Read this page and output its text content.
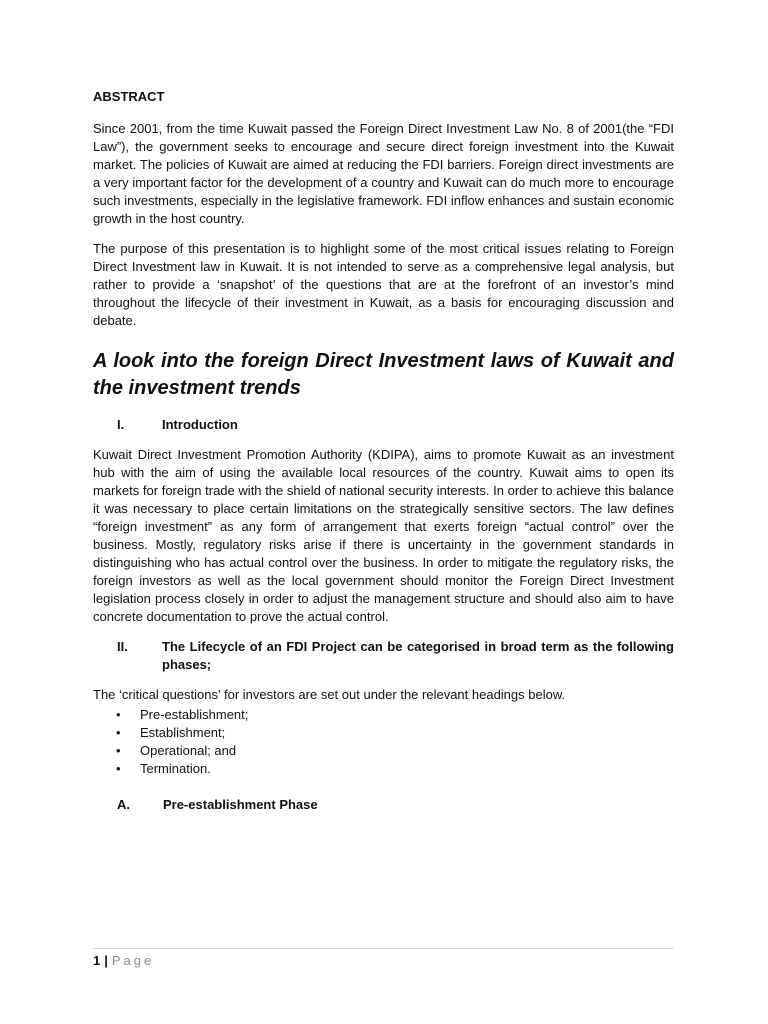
ABSTRACT

Since 2001, from the time Kuwait passed the Foreign Direct Investment Law No. 8 of 2001(the “FDI Law”), the government seeks to encourage and secure direct foreign investment into the Kuwait market. The policies of Kuwait are aimed at reducing the FDI barriers. Foreign direct investments are a very important factor for the development of a country and Kuwait can do much more to encourage such investments, especially in the legislative framework. FDI inflow enhances and sustain economic growth in the host country.

The purpose of this presentation is to highlight some of the most critical issues relating to Foreign Direct Investment law in Kuwait. It is not intended to serve as a comprehensive legal analysis, but rather to provide a ‘snapshot’ of the questions that are at the forefront of an investor’s mind throughout the lifecycle of their investment in Kuwait, as a basis for encouraging discussion and debate.

A look into the foreign Direct Investment laws of Kuwait and the investment trends
I.	Introduction

Kuwait Direct Investment Promotion Authority (KDIPA), aims to promote Kuwait as an investment hub with the aim of using the available local resources of the country. Kuwait aims to open its markets for foreign trade with the shield of national security interests. In order to achieve this balance it was necessary to place certain limitations on the strategically sensitive sectors. The law defines “foreign investment” as any form of arrangement that exerts foreign “actual control” over the business. Mostly, regulatory risks arise if there is uncertainty in the government standards in distinguishing who has actual control over the business. In order to mitigate the regulatory risks, the foreign investors as well as the local government should monitor the Foreign Direct Investment legislation process closely in order to adjust the management structure and should also aim to have concrete documentation to prove the actual control.

II.	The Lifecycle of an FDI Project can be categorised in broad term as the following phases;

The ‘critical questions’ for investors are set out under the relevant headings below.

•	Pre-establishment;
•	Establishment;
•	Operational; and
•	Termination.
A.	Pre-establishment Phase
1 | Page
